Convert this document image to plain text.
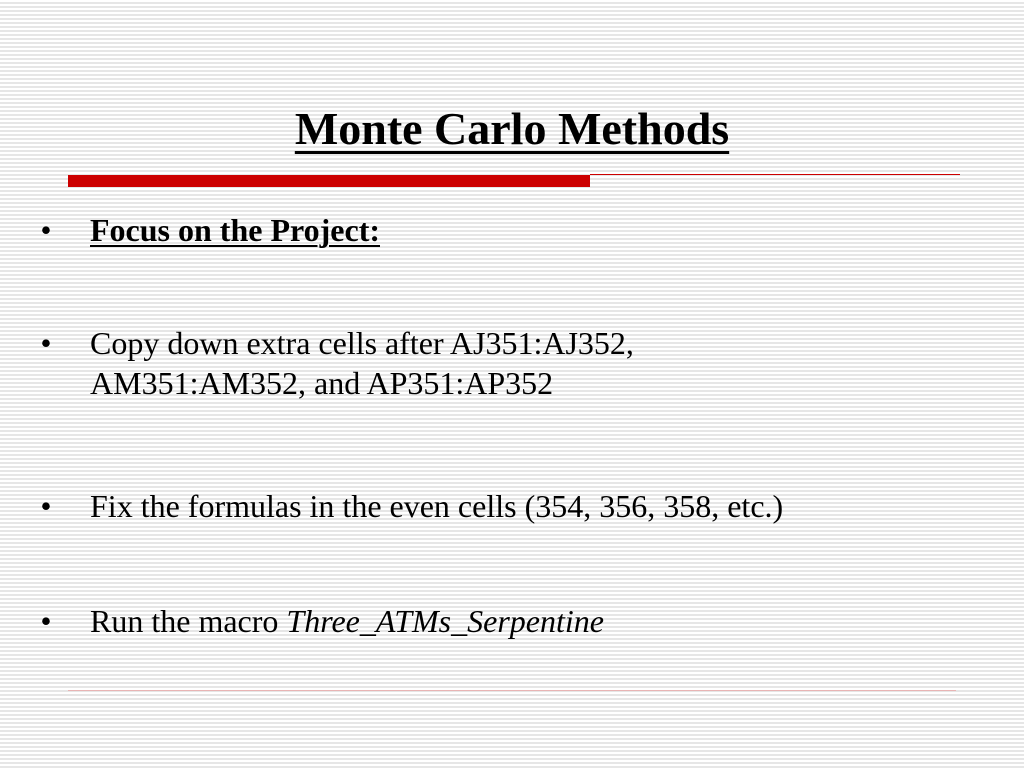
Monte Carlo Methods
•	Focus on the Project:
•	Copy down extra cells after AJ351:AJ352,
AM351:AM352, and AP351:AP352
•	Fix the formulas in the even cells (354, 356, 358, etc.)
•	Run the macro Three_ATMs_Serpentine
